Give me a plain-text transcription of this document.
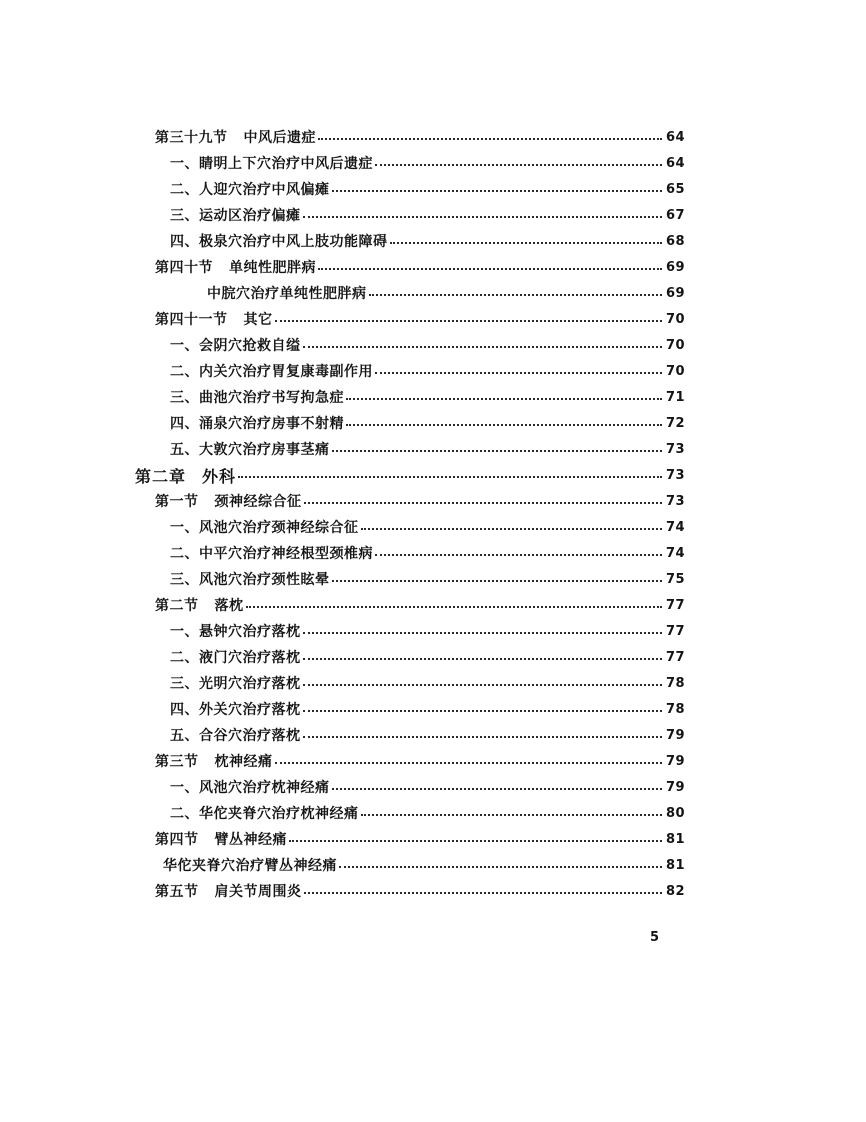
第三十九节 中风后遗症	64
一、睛明上下穴治疗中风后遗症	64
二、人迎穴治疗中风偏瘫	65
三、运动区治疗偏瘫	67
四、极泉穴治疗中风上肢功能障碍	68
第四十节 单纯性肥胖病	69
中脘穴治疗单纯性肥胖病	69
第四十一节 其它	70
一、会阴穴抢救自缢	70
二、内关穴治疗胃复康毒副作用	70
三、曲池穴治疗书写拘急症	71
四、涌泉穴治疗房事不射精	72
五、大敦穴治疗房事茎痛	73
第二章 外科	73
第一节 颈神经综合征	73
一、风池穴治疗颈神经综合征	74
二、中平穴治疗神经根型颈椎病	74
三、风池穴治疗颈性眩晕	75
第二节 落枕	77
一、悬钟穴治疗落枕	77
二、液门穴治疗落枕	77
三、光明穴治疗落枕	78
四、外关穴治疗落枕	78
五、合谷穴治疗落枕	79
第三节 枕神经痛	79
一、风池穴治疗枕神经痛	79
二、华佗夹脊穴治疗枕神经痛	80
第四节 臂丛神经痛	81
华佗夹脊穴治疗臂丛神经痛	81
第五节 肩关节周围炎	82
5
